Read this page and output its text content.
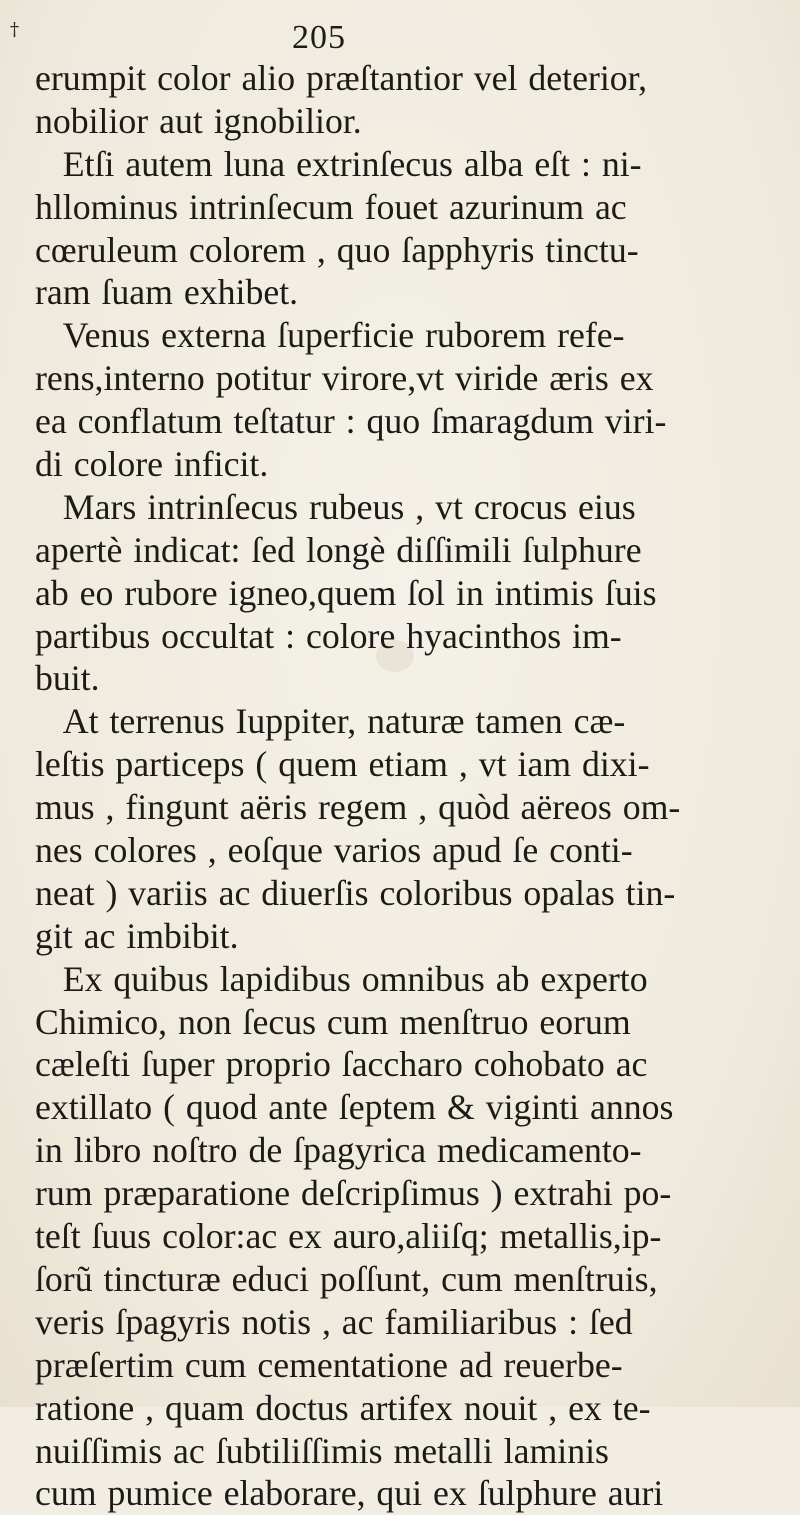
†	205
erumpit color alio præſtantior vel deterior,
nobilior aut ignobilior.
Etſi autem luna extrinſecus alba eſt : ni-
hllominus intrinſecum fouet azurinum ac
cœruleum colorem , quo ſapphyris tinctu-
ram ſuam exhibet.
Venus externa ſuperficie ruborem refe-
rens,interno potitur virore,vt viride æris ex
ea conflatum teſtatur : quo ſmaragdum viri-
di colore inficit.
Mars intrinſecus rubeus , vt crocus eius
apertè indicat: ſed longè diſſimili ſulphure
ab eo rubore igneo,quem ſol in intimis ſuis
partibus occultat : colore hyacinthos im-
buit.
At terrenus Iuppiter, naturæ tamen cæ-
leſtis particeps ( quem etiam , vt iam dixi-
mus , fingunt aëris regem , quòd aëreos om-
nes colores , eoſque varios apud ſe conti-
neat ) variis ac diuerſis coloribus opalas tin-
git ac imbibit.
Ex quibus lapidibus omnibus ab experto
Chimico, non ſecus cum menſtruo eorum
cæleſti ſuper proprio ſaccharo cohobato ac
extillato ( quod ante ſeptem & viginti annos
in libro noſtro de ſpagyrica medicamento-
rum præparatione deſcripſimus ) extrahi po-
teſt ſuus color:ac ex auro,aliiſq; metallis,ip-
ſorũ tincturæ educi poſſunt, cum menſtruis,
veris ſpagyris notis , ac familiaribus : ſed
præſertim cum cementatione ad reuerbe-
ratione , quam doctus artifex nouit , ex te-
nuiſſimis ac ſubtiliſſimis metalli laminis
cum pumice elaborare, qui ex ſulphure auri
